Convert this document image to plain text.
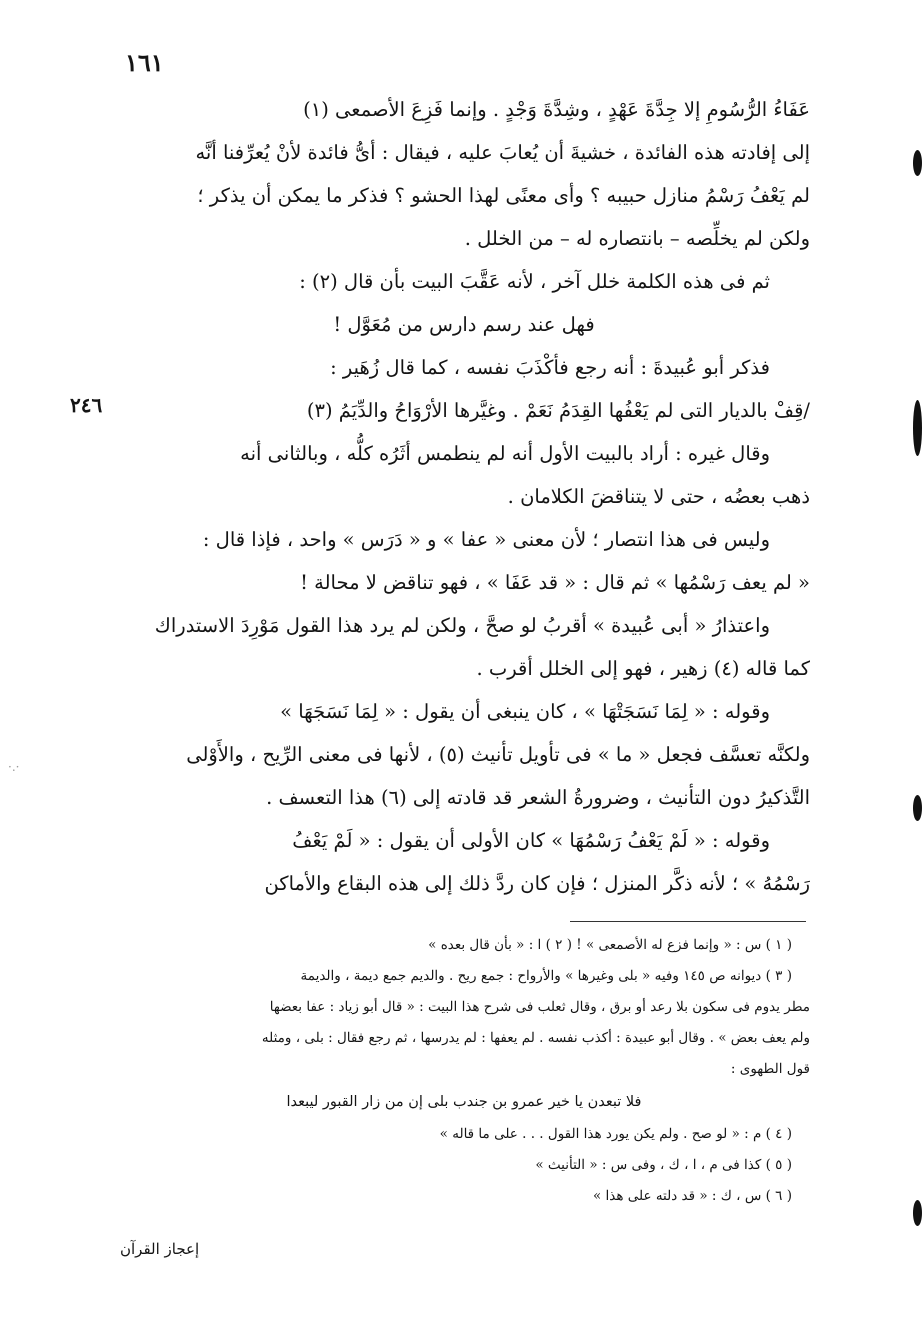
١٦١
عَفَاءُ الرُّسُومِ إلا جِدَّةَ عَهْدٍ ، وشِدَّةَ وَجْدٍ . وإنما فَزِعَ الأصمعى (١)
إلى إفادته هذه الفائدة ، خشيةَ أن يُعابَ عليه ، فيقال : أىُّ فائدة لأنْ يُعرِّفنا أنَّه
لم يَعْفُ رَسْمُ منازل حبيبه ؟ وأى معنًى لهذا الحشو ؟ فذكر ما يمكن أن يذكر ؛
ولكن لم يخلِّصه – بانتصاره له – من الخلل .
ثم فى هذه الكلمة خلل آخر ، لأنه عَقَّبَ البيت بأن قال (٢) :
فهل عند رسم دارس من مُعَوَّل !
فذكر أبو عُبيدةَ : أنه رجع فأكْذَبَ نفسه ، كما قال زُهَير :
/قِفْ بالديار التى لم يَعْفُها القِدَمُ نَعَمْ . وغيَّرها الأرْوَاحُ والدِّيَمُ (٣)
وقال غيره : أراد بالبيت الأول أنه لم ينطمس أثَرُه كلُّه ، وبالثانى أنه
ذهب بعضُه ، حتى لا يتناقضَ الكلامان .
وليس فى هذا انتصار ؛ لأن معنى « عفا » و « دَرَس » واحد ، فإذا قال :
« لم يعف رَسْمُها » ثم قال : « قد عَفَا » ، فهو تناقض لا محالة !
واعتذارُ « أبى عُبيدة » أقربُ لو صحَّ ، ولكن لم يرد هذا القول مَوْرِدَ الاستدراك
كما قاله (٤) زهير ، فهو إلى الخلل أقرب .
وقوله : « لِمَا نَسَجَتْهَا » ، كان ينبغى أن يقول : « لِمَا نَسَجَهَا »
ولكنَّه تعسَّف فجعل « ما » فى تأويل تأنيث (٥) ، لأنها فى معنى الرِّيح ، والأَوْلى
التَّذكيرُ دون التأنيث ، وضرورةُ الشعر قد قادته إلى (٦) هذا التعسف .
وقوله : « لَمْ يَعْفُ رَسْمُهَا » كان الأولى أن يقول : « لَمْ يَعْفُ
رَسْمُهُ » ؛ لأنه ذكَّر المنزل ؛ فإن كان ردَّ ذلك إلى هذه البقاع والأماكن
٢٤٦
( ١ ) س : « وإنما فزع له الأصمعى » ! ( ٢ ) ا : « بأن قال بعده »
( ٣ ) ديوانه ص ١٤٥ وفيه « بلى وغيرها » والأرواح : جمع ريح . والديم جمع ديمة ، والديمة
مطر يدوم فى سكون بلا رعد أو برق ، وقال ثعلب فى شرح هذا البيت : « قال أبو زياد : عفا بعضها
ولم يعف بعض » . وقال أبو عبيدة : أكذب نفسه . لم يعفها : لم يدرسها ، ثم رجع فقال : بلى ، ومثله
قول الطهوى :
فلا تبعدن يا خير عمرو بن جندب بلى إن من زار القبور ليبعدا
( ٤ ) م : « لو صح . ولم يكن يورد هذا القول . . . على ما قاله »
( ٥ ) كذا فى م ، ا ، ك ، وفى س : « التأنيث »
( ٦ ) س ، ك : « قد دلته على هذا »
إعجاز القرآن
·.·
